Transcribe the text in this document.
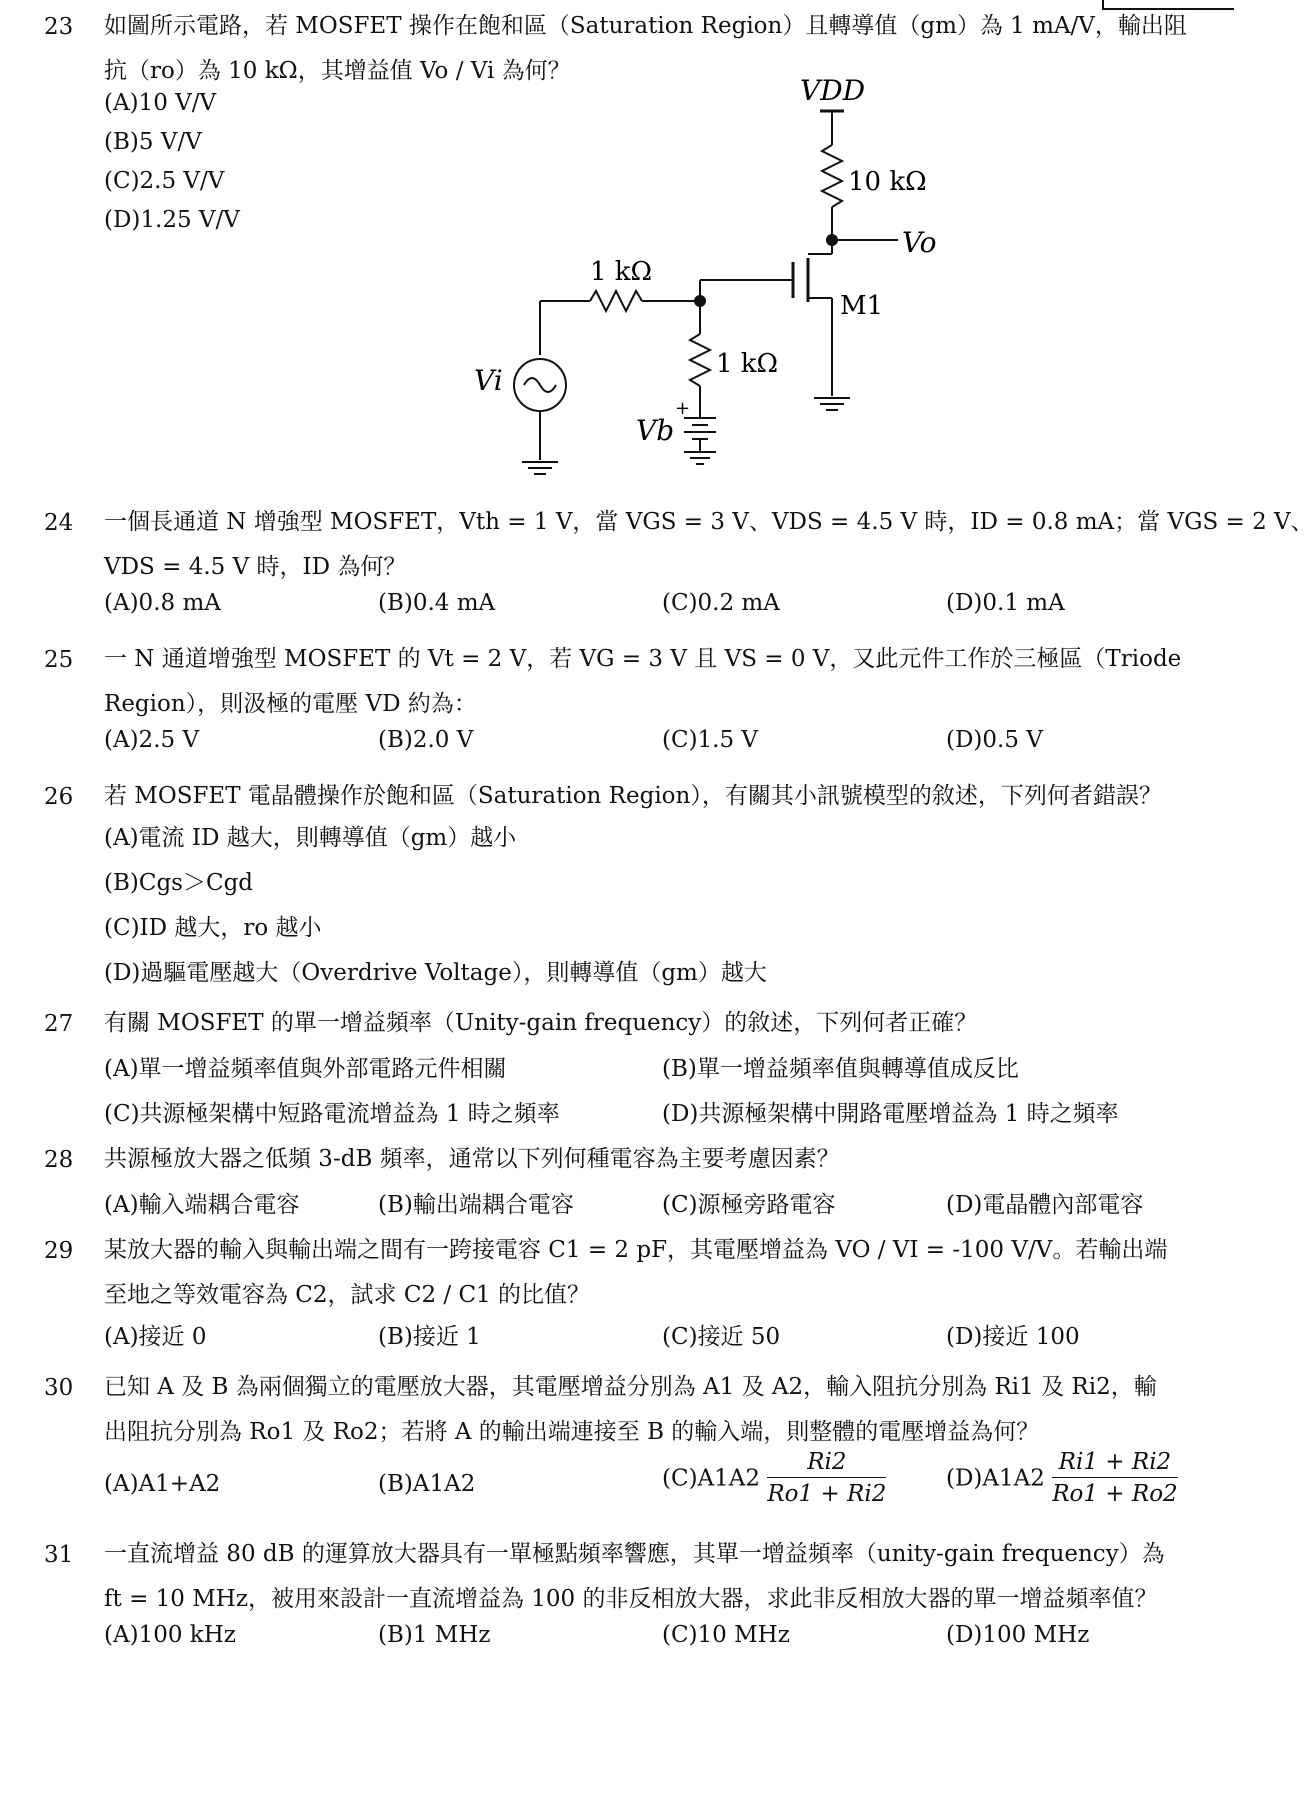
23 如圖所示電路，若 MOSFET 操作在飽和區（Saturation Region）且轉導值（gm）為 1 mA/V，輸出阻
抗（ro）為 10 kΩ，其增益值 Vo / Vi 為何？
(A)10 V/V
(B)5 V/V
(C)2.5 V/V
(D)1.25 V/V
VDD
10 kΩ
Vo
M1
1 kΩ
1 kΩ
Vi
Vb
+
24 一個長通道 N 增強型 MOSFET，Vth = 1 V，當 VGS = 3 V、VDS = 4.5 V 時，ID = 0.8 mA；當 VGS = 2 V、
VDS = 4.5 V 時，ID 為何？
(A)0.8 mA	(B)0.4 mA	(C)0.2 mA	(D)0.1 mA
25 一 N 通道增強型 MOSFET 的 Vt = 2 V，若 VG = 3 V 且 VS = 0 V，又此元件工作於三極區（Triode
Region），則汲極的電壓 VD 約為：
(A)2.5 V	(B)2.0 V	(C)1.5 V	(D)0.5 V
26 若 MOSFET 電晶體操作於飽和區（Saturation Region），有關其小訊號模型的敘述，下列何者錯誤？
(A)電流 ID 越大，則轉導值（gm）越小
(B)Cgs＞Cgd
(C)ID 越大，ro 越小
(D)過驅電壓越大（Overdrive Voltage），則轉導值（gm）越大
27 有關 MOSFET 的單一增益頻率（Unity-gain frequency）的敘述，下列何者正確？
(A)單一增益頻率值與外部電路元件相關	(B)單一增益頻率值與轉導值成反比
(C)共源極架構中短路電流增益為 1 時之頻率	(D)共源極架構中開路電壓增益為 1 時之頻率
28 共源極放大器之低頻 3-dB 頻率，通常以下列何種電容為主要考慮因素？
(A)輸入端耦合電容	(B)輸出端耦合電容	(C)源極旁路電容	(D)電晶體內部電容
29 某放大器的輸入與輸出端之間有一跨接電容 C1 = 2 pF，其電壓增益為 VO / VI = -100 V/V。若輸出端
至地之等效電容為 C2，試求 C2 / C1 的比值？
(A)接近 0	(B)接近 1	(C)接近 50	(D)接近 100
30 已知 A 及 B 為兩個獨立的電壓放大器，其電壓增益分別為 A1 及 A2，輸入阻抗分別為 Ri1 及 Ri2，輸
出阻抗分別為 Ro1 及 Ro2；若將 A 的輸出端連接至 B 的輸入端，則整體的電壓增益為何？
(A)A1+A2	(B)A1A2	$(C)A1A2 \frac{Ri2}{Ro1 + Ri2}$	$(D)A1A2 \frac{Ri1 + Ri2}{Ro1 + Ro2}$
31 一直流增益 80 dB 的運算放大器具有一單極點頻率響應，其單一增益頻率（unity-gain frequency）為
ft = 10 MHz，被用來設計一直流增益為 100 的非反相放大器，求此非反相放大器的單一增益頻率值？
(A)100 kHz	(B)1 MHz	(C)10 MHz	(D)100 MHz
